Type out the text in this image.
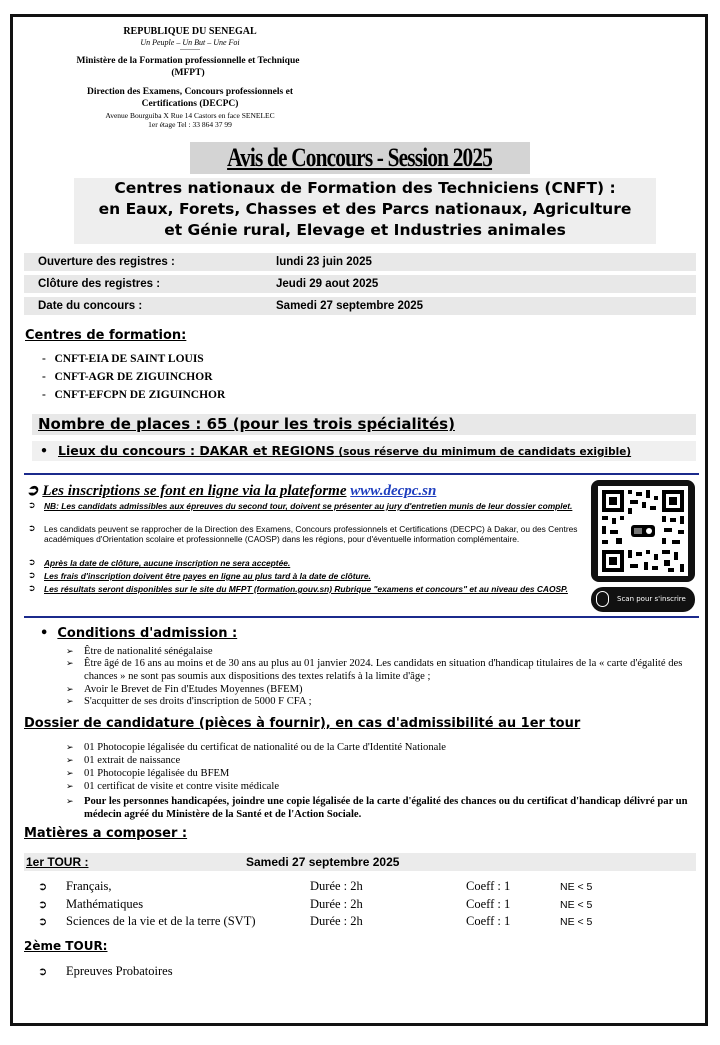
REPUBLIQUE DU SENEGAL
Un Peuple – Un But – Une Foi
----------
Ministère de la Formation professionnelle et Technique (MFPT)
Direction des Examens, Concours professionnels et Certifications (DECPC)
Avenue Bourguiba X Rue 14 Castors en face SENELEC
1er étage Tel : 33 864 37 99
Avis de Concours - Session 2025
Centres nationaux de Formation des Techniciens (CNFT) :
en Eaux, Forets, Chasses et des Parcs nationaux, Agriculture
et Génie rural, Elevage et Industries animales
Ouverture des registres :	lundi 23 juin 2025
Clôture des registres :	Jeudi 29 aout 2025
Date du concours :	Samedi 27 septembre 2025
Centres de formation:
-   CNFT-EIA DE SAINT LOUIS
-   CNFT-AGR DE ZIGUINCHOR
-   CNFT-EFCPN DE ZIGUINCHOR
Nombre de places : 65 (pour les trois spécialités)
• Lieux du concours : DAKAR et REGIONS (sous réserve du minimum de candidats exigible)
➲ Les inscriptions se font en ligne via la plateforme www.decpc.sn
➲ NB: Les candidats admissibles aux épreuves du second tour, doivent se présenter au jury d'entretien munis de leur dossier complet.
➲ Les candidats peuvent se rapprocher de la Direction des Examens, Concours professionnels et Certifications (DECPC) à Dakar, ou des Centres académiques d'Orientation scolaire et professionnelle (CAOSP) dans les régions, pour d'éventuelle information complémentaire.
➲ Après la date de clôture, aucune inscription ne sera acceptée.
➲ Les frais d'inscription doivent être payes en ligne au plus tard à la date de clôture.
➲ Les résultats seront disponibles sur le site du MFPT (formation.gouv.sn) Rubrique "examens et concours" et au niveau des CAOSP.
Scan pour s'inscrire
•  Conditions d'admission :
➢ Être de nationalité sénégalaise
➢ Être âgé de 16 ans au moins et de 30 ans au plus au 01 janvier 2024. Les candidats en situation d'handicap titulaires de la « carte d'égalité des chances » ne sont pas soumis aux dispositions des textes relatifs à la limite d'âge ;
➢ Avoir le Brevet de Fin d'Etudes Moyennes (BFEM)
➢ S'acquitter de ses droits d'inscription de 5000 F CFA ;
Dossier de candidature (pièces à fournir), en cas d'admissibilité au 1er tour
➢ 01 Photocopie légalisée du certificat de nationalité ou de la Carte d'Identité Nationale
➢ 01 extrait de naissance
➢ 01 Photocopie légalisée du BFEM
➢ 01 certificat de visite et contre visite médicale
➢ Pour les personnes handicapées, joindre une copie légalisée de la carte d'égalité des chances ou du certificat d'handicap délivré par un médecin agréé du Ministère de la Santé et de l'Action Sociale.
Matières a composer :
1er TOUR :	Samedi 27 septembre 2025
➲ Français,	Durée : 2h	Coeff : 1	NE < 5
➲ Mathématiques	Durée : 2h	Coeff : 1	NE < 5
➲ Sciences de la vie et de la terre (SVT)	Durée : 2h	Coeff : 1	NE < 5
2ème TOUR:
➲ Epreuves Probatoires
